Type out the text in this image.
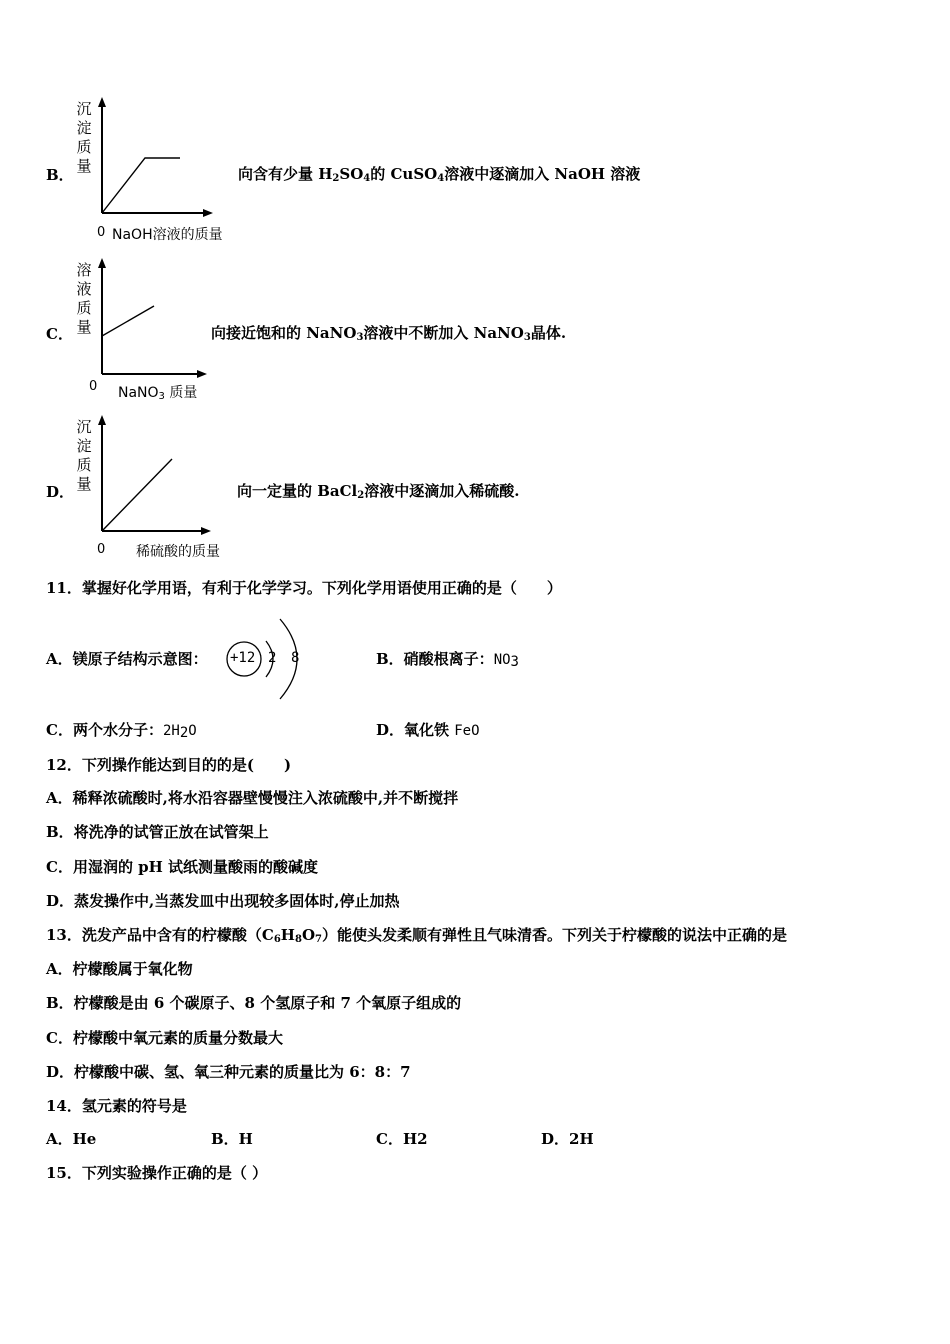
B．
沉
淀
质
量
0 NaOH溶液的质量
向含有少量 $H_2SO_4$的 CuSO$_4$溶液中逐滴加入 NaOH 溶液
C．
溶
液
质
量
0 NaNO$_3$ 质量
向接近饱和的 NaNO$_3$溶液中不断加入 NaNO$_3$晶体.
D．
沉
淀
质
量
0 稀硫酸的质量
向一定量的 BaCl$_2$溶液中逐滴加入稀硫酸.
11．掌握好化学用语，有利于化学学习。下列化学用语使用正确的是（　　）
A．镁原子结构示意图： +12 2 8	B．硝酸根离子：$NO_3$
C．两个水分子：$2H_2O$	D．氧化铁 FeO
12．下列操作能达到目的的是(　　)
A．稀释浓硫酸时,将水沿容器壁慢慢注入浓硫酸中,并不断搅拌
B．将洗净的试管正放在试管架上
C．用湿润的 pH 试纸测量酸雨的酸碱度
D．蒸发操作中,当蒸发皿中出现较多固体时,停止加热
13．洗发产品中含有的柠檬酸$(C_6H_8O_7)$能使头发柔顺有弹性且气味清香。下列关于柠檬酸的说法中正确的是
A．柠檬酸属于氧化物
B．柠檬酸是由 6 个碳原子、8 个氢原子和 7 个氧原子组成的
C．柠檬酸中氧元素的质量分数最大
D．柠檬酸中碳、氢、氧三种元素的质量比为 6：8：7
14．氢元素的符号是
A．He	B．H	C．H2	D．2H
15．下列实验操作正确的是（ ）
